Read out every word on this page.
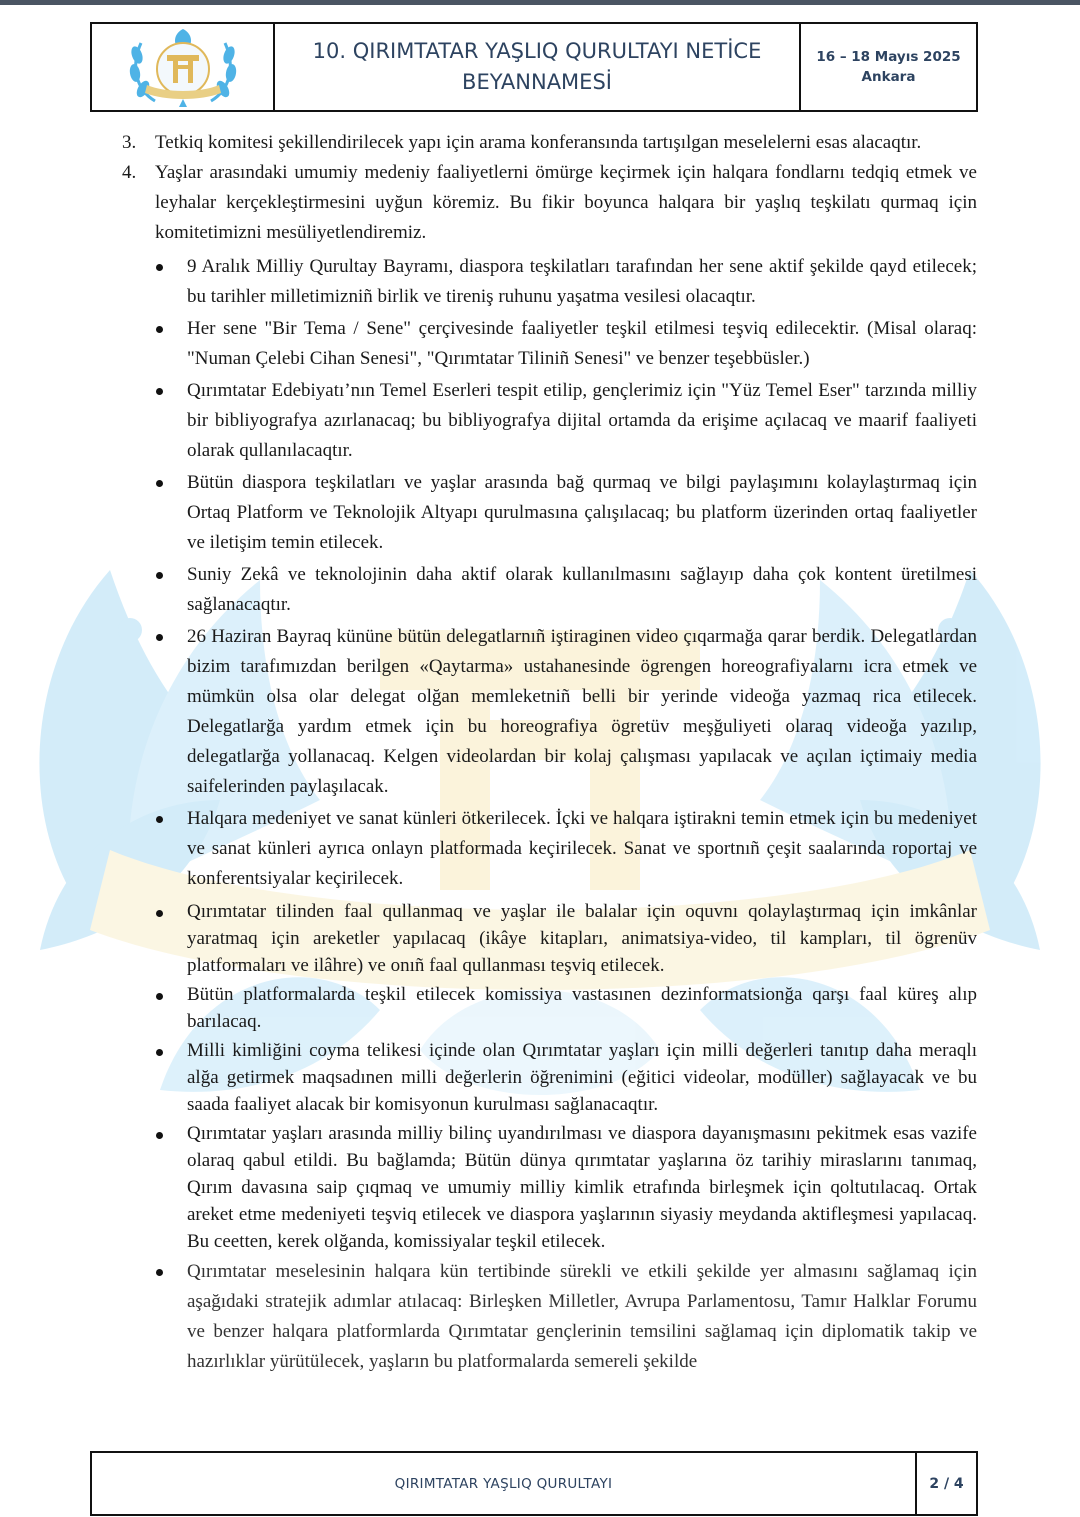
10. QIRIMTATAR YAŞLIQ QURULTAYI NETİCE
BEYANNAMESİ
16 – 18 Mayıs 2025
Ankara
3. Tetkiq komitesi şekillendirilecek yapı için arama konferansında tartışılgan meselelerni esas alacaqtır.
4. Yaşlar arasındaki umumiy medeniy faaliyetlerni ömürge keçirmek için halqara fondlarnı tedqiq etmek ve leyhalar kerçekleştirmesini uyğun köremiz. Bu fikir boyunca halqara bir yaşlıq teşkilatı qurmaq için komitetimizni mesüliyetlendiremiz.
9 Aralık Milliy Qurultay Bayramı, diaspora teşkilatları tarafından her sene aktif şekilde qayd etilecek; bu tarihler milletimizniñ birlik ve tireniş ruhunu yaşatma vesilesi olacaqtır.
Her sene "Bir Tema / Sene" çerçivesinde faaliyetler teşkil etilmesi teşviq edilecektir. (Misal olaraq: "Numan Çelebi Cihan Senesi", "Qırımtatar Tiliniñ Senesi" ve benzer teşebbüsler.)
Qırımtatar Edebiyatı’nın Temel Eserleri tespit etilip, gençlerimiz için "Yüz Temel Eser" tarzında milliy bir bibliyografya azırlanacaq; bu bibliyografya dijital ortamda da erişime açılacaq ve maarif faaliyeti olarak qullanılacaqtır.
Bütün diaspora teşkilatları ve yaşlar arasında bağ qurmaq ve bilgi paylaşımını kolaylaştırmaq için Ortaq Platform ve Teknolojik Altyapı qurulmasına çalışılacaq; bu platform üzerinden ortaq faaliyetler ve iletişim temin etilecek.
Suniy Zekâ ve teknolojinin daha aktif olarak kullanılmasını sağlayıp daha çok kontent üretilmesi sağlanacaqtır.
26 Haziran Bayraq kününe bütün delegatlarnıñ iştiraginen video çıqarmağa qarar berdik. Delegatlardan bizim tarafımızdan berilgen «Qaytarma» ustahanesinde ögrengen horeografiyalarnı icra etmek ve mümkün olsa olar delegat olğan memleketniñ belli bir yerinde videoğa yazmaq rica etilecek. Delegatlarğa yardım etmek için bu horeografiya ögretüv meşğuliyeti olaraq videoğa yazılıp, delegatlarğa yollanacaq. Kelgen videolardan bir kolaj çalışması yapılacak ve açılan içtimaiy media saifelerinden paylaşılacak.
Halqara medeniyet ve sanat künleri ötkerilecek. İçki ve halqara iştirakni temin etmek için bu medeniyet ve sanat künleri ayrıca onlayn platformada keçirilecek. Sanat ve sportnıñ çeşit saalarında roportaj ve konferentsiyalar keçirilecek.
Qırımtatar tilinden faal qullanmaq ve yaşlar ile balalar için oquvnı qolaylaştırmaq için imkânlar yaratmaq için areketler yapılacaq (ikâye kitapları, animatsiya-video, til kampları, til ögrenüv platformaları ve ilâhre) ve onıñ faal qullanması teşviq etilecek.
Bütün platformalarda teşkil etilecek komissiya vastasınen dezinformatsionğa qarşı faal küreş alıp barılacaq.
Milli kimliğini coyma telikesi içinde olan Qırımtatar yaşları için milli değerleri tanıtıp daha meraqlı alğa getirmek maqsadınen milli değerlerin öğrenimini (eğitici videolar, modüller) sağlayacak ve bu saada faaliyet alacak bir komisyonun kurulması sağlanacaqtır.
Qırımtatar yaşları arasında milliy bilinç uyandırılması ve diaspora dayanışmasını pekitmek esas vazife olaraq qabul etildi. Bu bağlamda; Bütün dünya qırımtatar yaşlarına öz tarihiy miraslarını tanımaq, Qırım davasına saip çıqmaq ve umumiy milliy kimlik etrafında birleşmek için qoltutılacaq. Ortak areket etme medeniyeti teşviq etilecek ve diaspora yaşlarının siyasiy meydanda aktifleşmesi yapılacaq. Bu ceetten, kerek olğanda, komissiyalar teşkil etilecek.
Qırımtatar meselesinin halqara kün tertibinde sürekli ve etkili şekilde yer almasını sağlamaq için aşağıdaki stratejik adımlar atılacaq: Birleşken Milletler, Avrupa Parlamentosu, Tamır Halklar Forumu ve benzer halqara platformlarda Qırımtatar gençlerinin temsilini sağlamaq için diplomatik takip ve hazırlıklar yürütülecek, yaşların bu platformalarda semereli şekilde
QIRIMTATAR YAŞLIQ QURULTAYI	2 / 4
